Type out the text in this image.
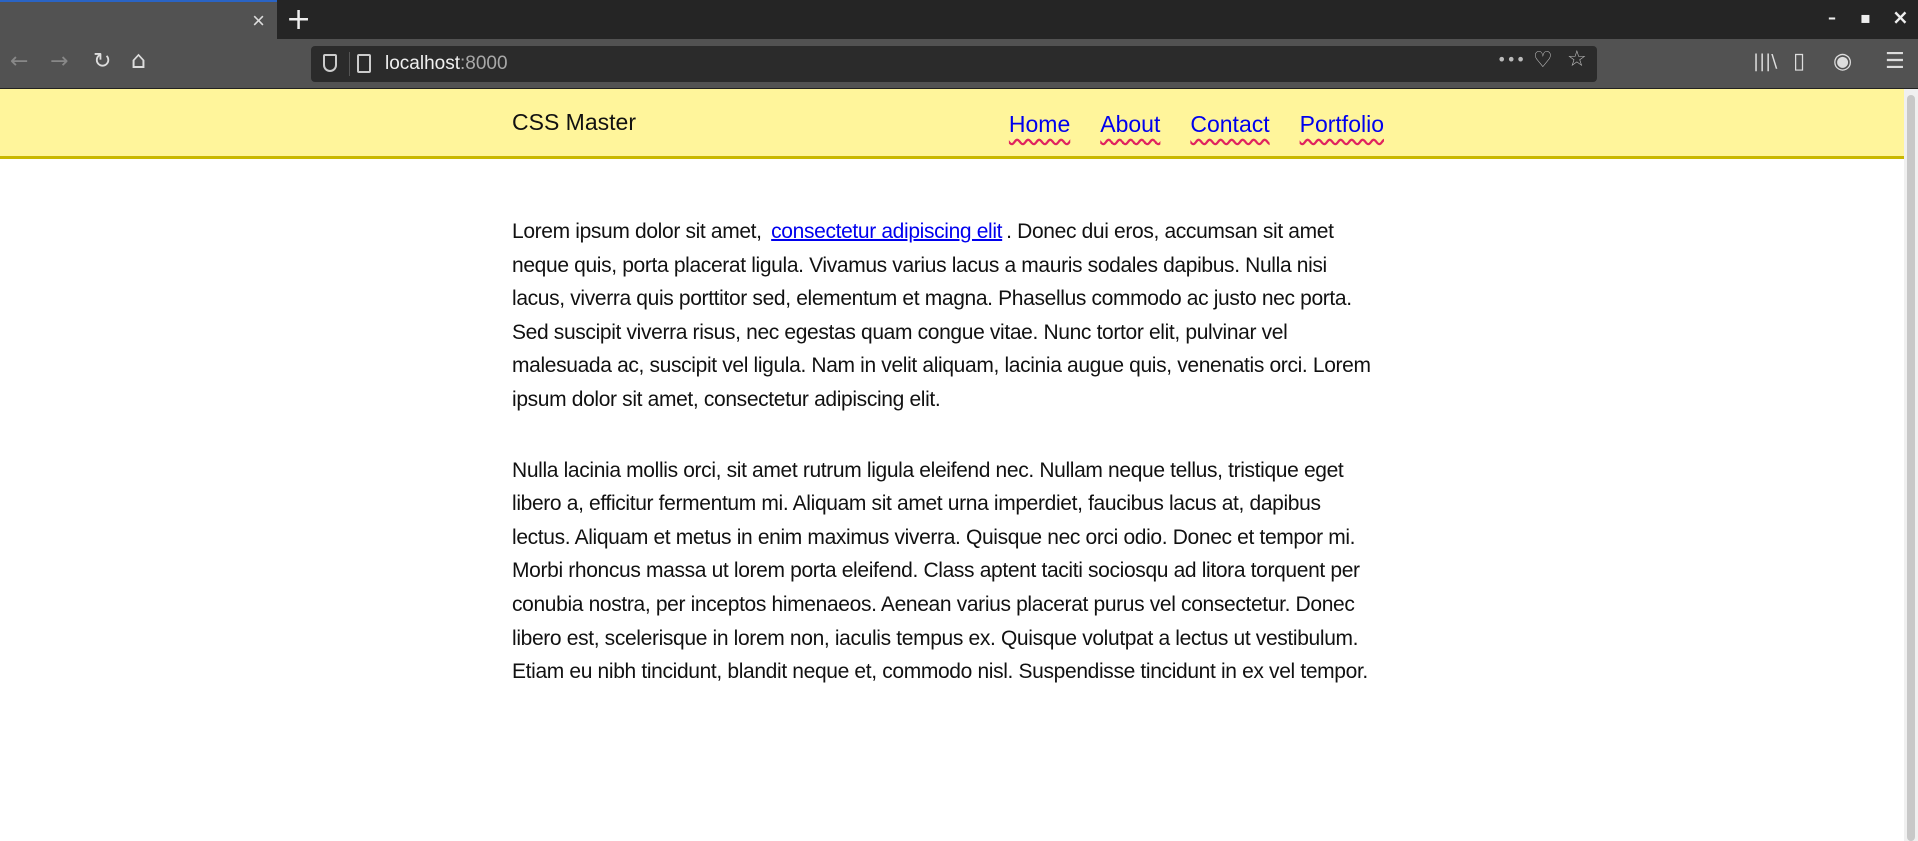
× +	– ▪ ×
← → ↻ ⌂	localhost:8000	••• ♡ ☆	|||\ ▯ ◉ ☰
CSS Master	Home About Contact Portfolio

Lorem ipsum dolor sit amet, consectetur adipiscing elit . Donec dui eros, accumsan sit amet neque quis, porta placerat ligula. Vivamus varius lacus a mauris sodales dapibus. Nulla nisi lacus, viverra quis porttitor sed, elementum et magna. Phasellus commodo ac justo nec porta. Sed suscipit viverra risus, nec egestas quam congue vitae. Nunc tortor elit, pulvinar vel malesuada ac, suscipit vel ligula. Nam in velit aliquam, lacinia augue quis, venenatis orci. Lorem ipsum dolor sit amet, consectetur adipiscing elit.

Nulla lacinia mollis orci, sit amet rutrum ligula eleifend nec. Nullam neque tellus, tristique eget libero a, efficitur fermentum mi. Aliquam sit amet urna imperdiet, faucibus lacus at, dapibus lectus. Aliquam et metus in enim maximus viverra. Quisque nec orci odio. Donec et tempor mi. Morbi rhoncus massa ut lorem porta eleifend. Class aptent taciti sociosqu ad litora torquent per conubia nostra, per inceptos himenaeos. Aenean varius placerat purus vel consectetur. Donec libero est, scelerisque in lorem non, iaculis tempus ex. Quisque volutpat a lectus ut vestibulum. Etiam eu nibh tincidunt, blandit neque et, commodo nisl. Suspendisse tincidunt in ex vel tempor.
